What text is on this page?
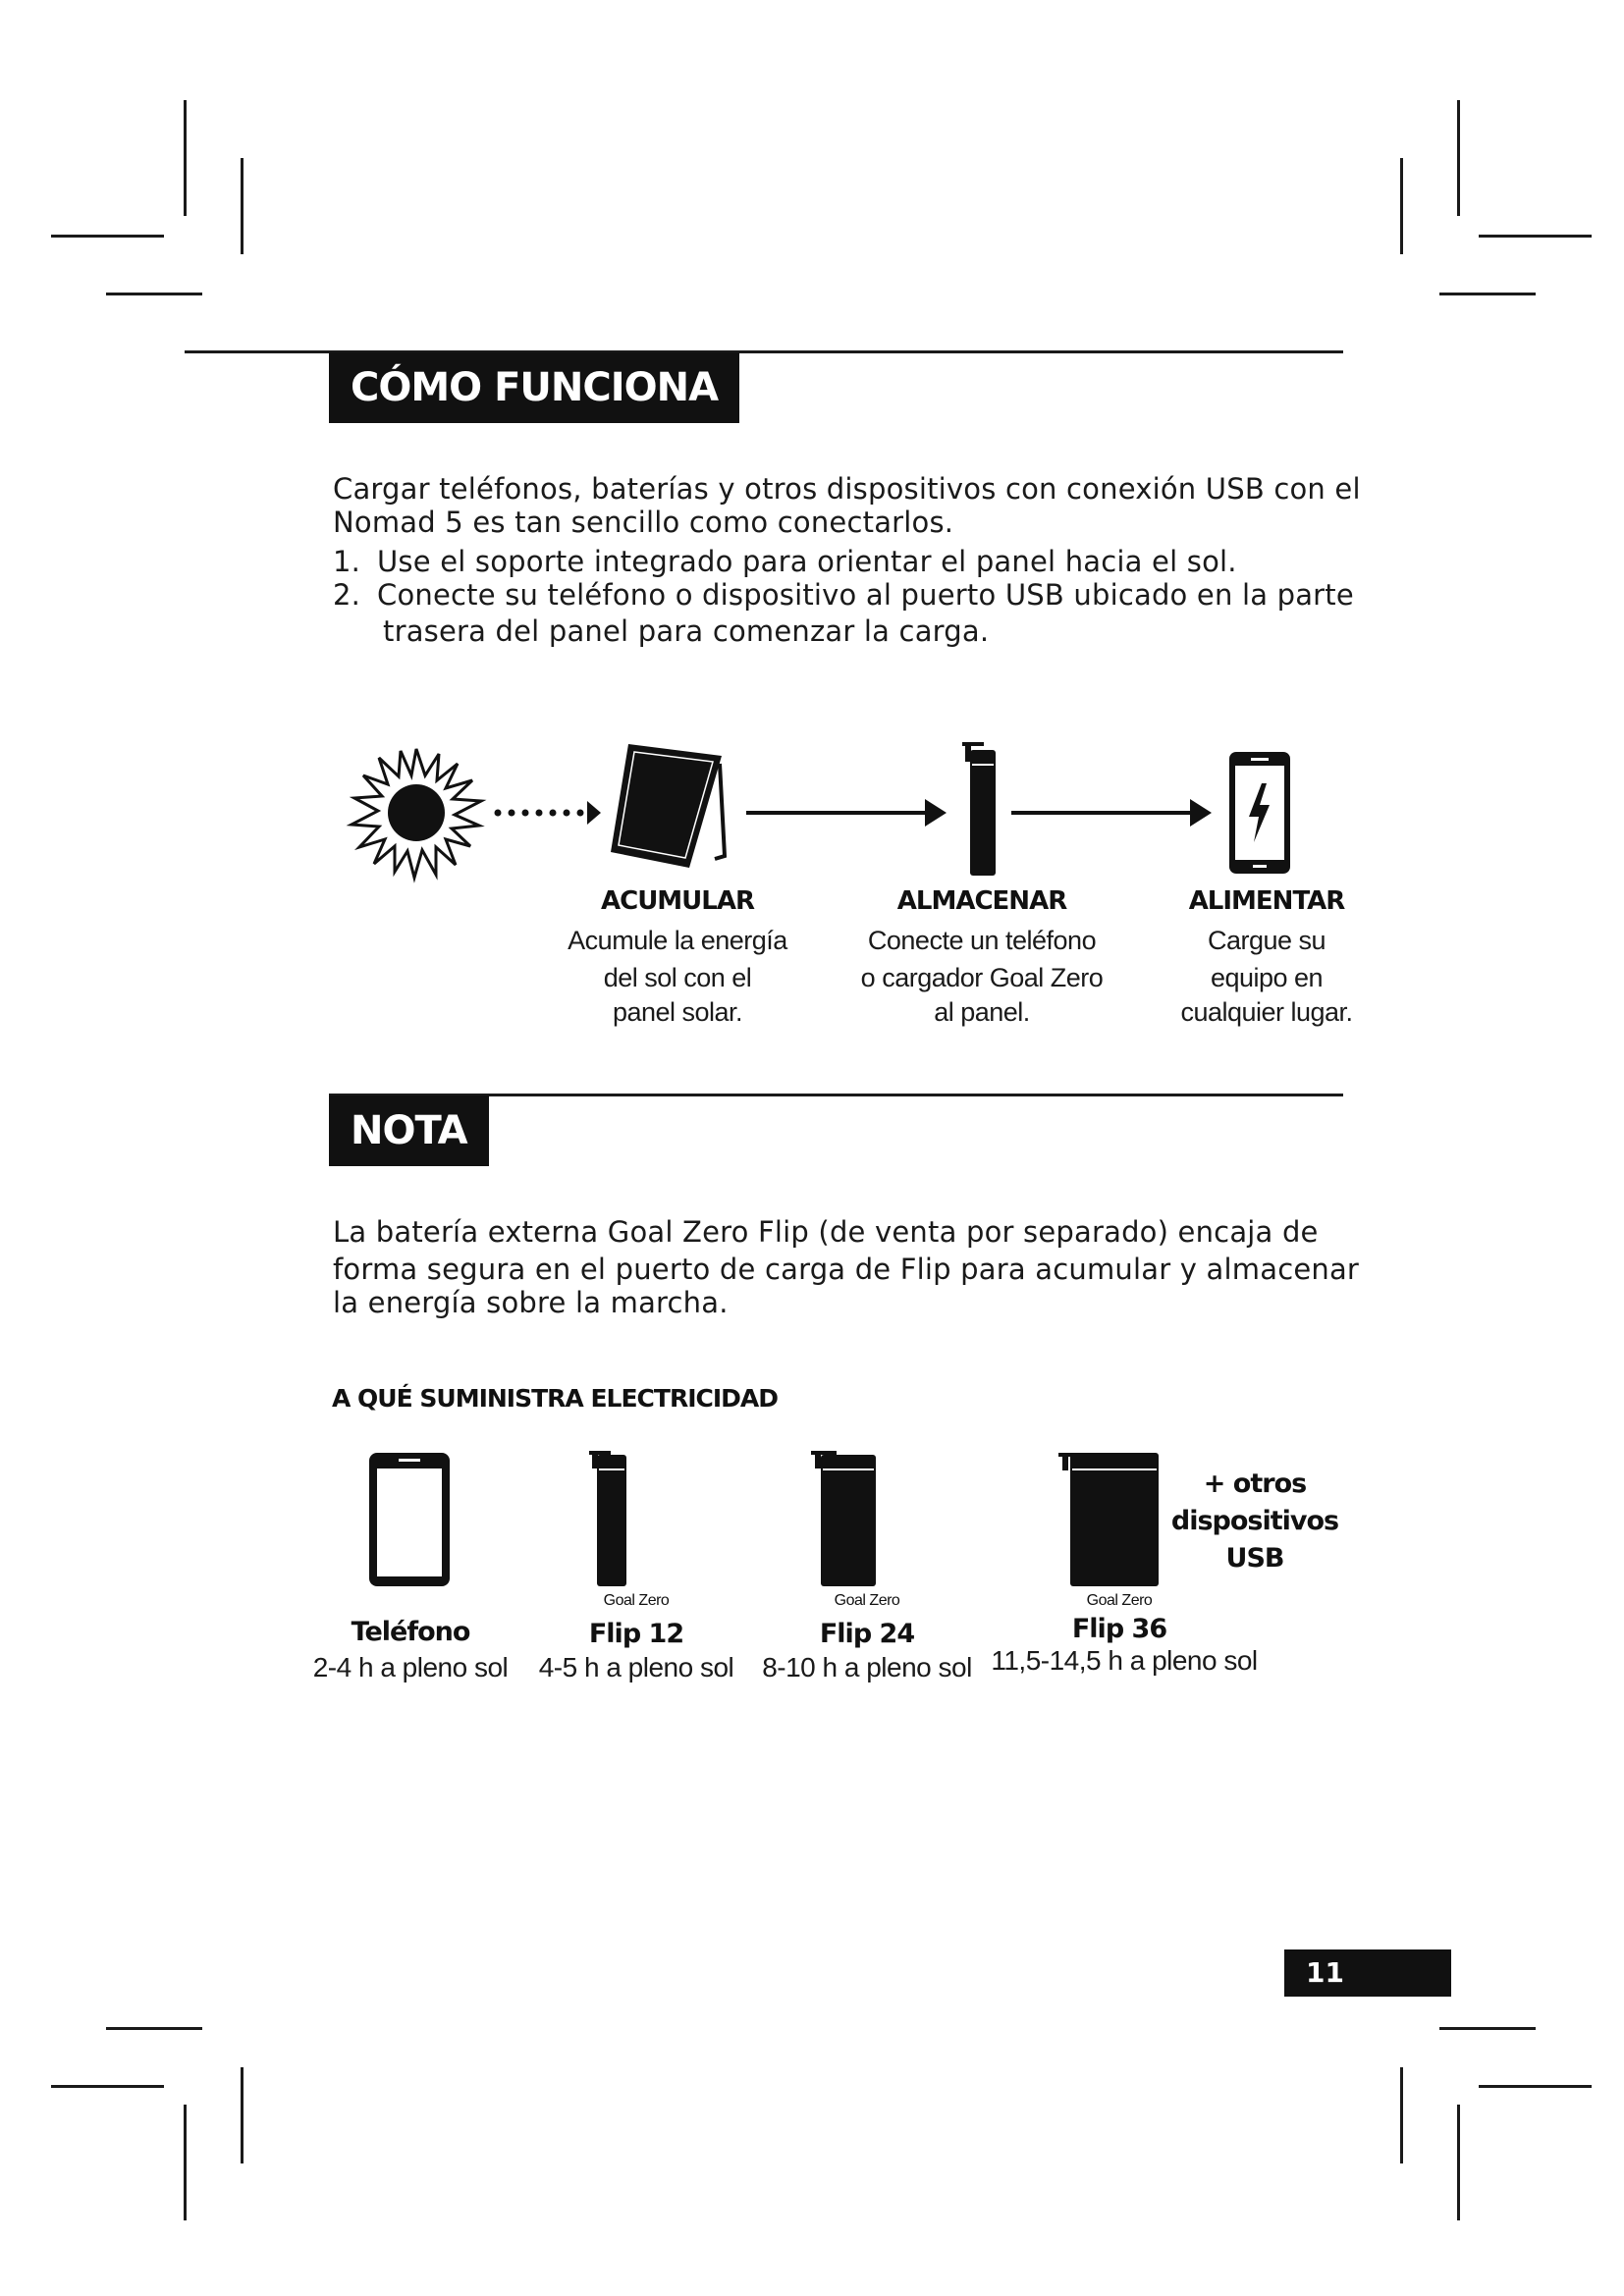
CÓMO FUNCIONA
Cargar teléfonos, baterías y otros dispositivos con conexión USB con el
Nomad 5 es tan sencillo como conectarlos.
1. Use el soporte integrado para orientar el panel hacia el sol.
2. Conecte su teléfono o dispositivo al puerto USB ubicado en la parte
trasera del panel para comenzar la carga.
ACUMULAR
Acumule la energía
del sol con el
panel solar.
ALMACENAR
Conecte un teléfono
o cargador Goal Zero
al panel.
ALIMENTAR
Cargue su
equipo en
cualquier lugar.
NOTA
La batería externa Goal Zero Flip (de venta por separado) encaja de
forma segura en el puerto de carga de Flip para acumular y almacenar
la energía sobre la marcha.
A QUÉ SUMINISTRA ELECTRICIDAD
Teléfono
2-4 h a pleno sol
Goal Zero
Flip 12
4-5 h a pleno sol
Goal Zero
Flip 24
8-10 h a pleno sol
Goal Zero
Flip 36
11,5-14,5 h a pleno sol
+ otros
dispositivos
USB
11
